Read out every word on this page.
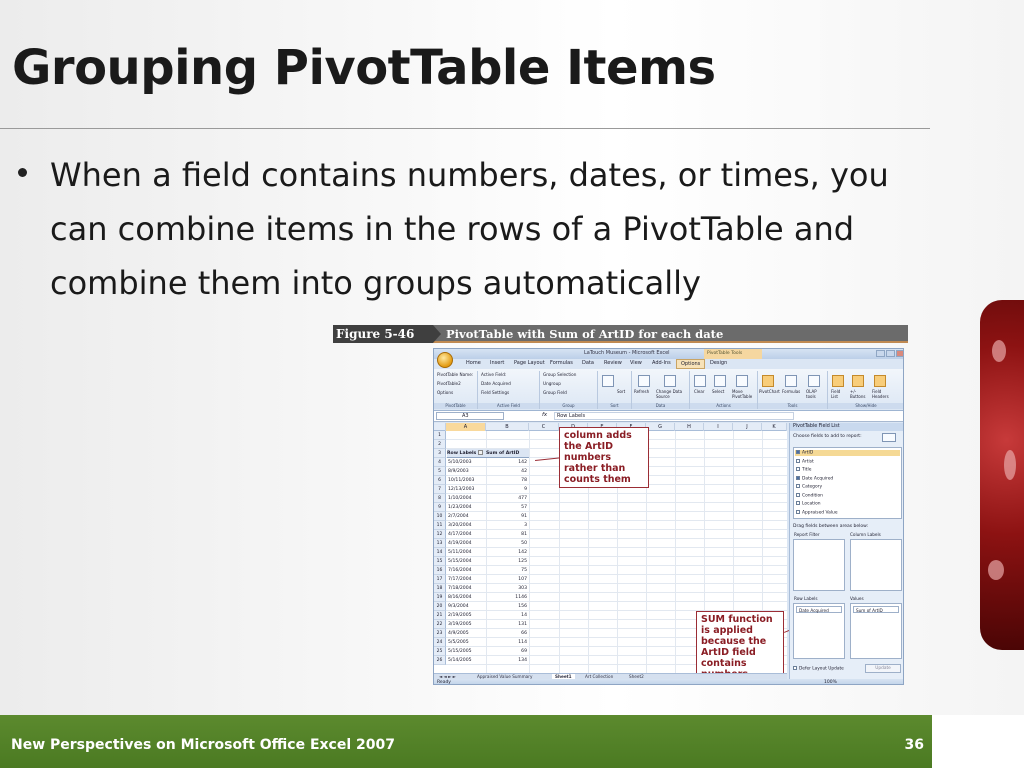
Grouping PivotTable Items

When a field contains numbers, dates, or times, you can combine items in the rows of a PivotTable and combine them into groups automatically

Figure 5-46	PivotTable with Sum of ArtID for each date
LaTouch Museum - Microsoft Excel	PivotTable Tools
Home Insert Page Layout Formulas Data Review View Add-Ins	Options	Design
PivotTable Name:
PivotTable2
Options
PivotTable
Active Field:
Date Acquired
Field Settings
Active Field
Group Selection
Ungroup
Group Field
Group
Sort
Sort
Refresh Change Data Source
Data
Clear Select Move PivotTable
Actions
PivotChart Formulas OLAP tools
Tools
Field List
+/- Buttons
Field Headers
Show/Hide
A3	fx	Row Labels
A	B	C	G	H	I	J	K
1
2
3
4
5
6
7
8
9
10
11
12
13
14
15
16
17
18
19
20
21
22
23
24
25
26
Row Labels	Sum of ArtID
5/10/2003	142
8/9/2003	42
10/11/2003	78
12/13/2003	9
1/10/2004	477
1/23/2004	57
2/7/2004	91
3/20/2004	3
4/17/2004	81
4/19/2004	50
5/11/2004	142
5/15/2004	125
7/16/2004	75
7/17/2004	107
7/18/2004	303
8/16/2004	1146
9/3/2004	156
2/19/2005	14
3/19/2005	131
4/9/2005	66
5/5/2005	114
5/15/2005	69
5/14/2005	134
column adds the ArtID numbers rather than counts them
SUM function is applied because the ArtID field contains
◄ ◄ ► ►	Appraised Value Summary	Sheet1	Art Collection	Sheet2
PivotTable Field List
Choose fields to add to report:
ArtID
Artist
Title
Date Acquired
Category
Condition
Location
Appraised Value
Drag fields between areas below:
Report Filter	Column Labels
Row Labels	Values
Date Acquired	Sum of ArtID
Defer Layout Update	Update
Ready	100%
New Perspectives on Microsoft Office Excel 2007	36
